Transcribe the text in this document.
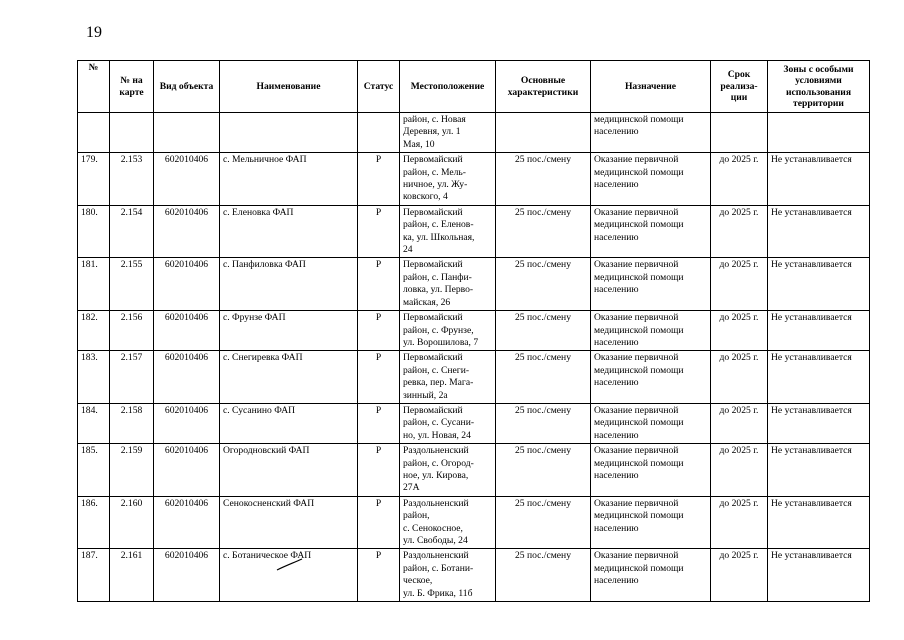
19
№	№ на карте	Вид объекта	Наименование	Статус	Местоположение	Основные характеристики	Назначение	Срок реализа-ции	Зоны с особыми условиями использования территории

					район, с. Новая
Деревня, ул. 1
Мая, 10		медицинской помощи
населению		

179.	2.153	602010406	с. Мельничное ФАП	Р	Первомайский
район, с. Мель-
ничное, ул. Жу-
ковского, 4	25 пос./смену	Оказание первичной
медицинской помощи
населению	до 2025 г.	Не устанавливается
180.	2.154	602010406	с. Еленовка ФАП	Р	Первомайский
район, с. Еленов-
ка, ул. Школьная,
24	25 пос./смену	Оказание первичной
медицинской помощи
населению	до 2025 г.	Не устанавливается
181.	2.155	602010406	с. Панфиловка ФАП	Р	Первомайский
район, с. Панфи-
ловка, ул. Перво-
майская, 26	25 пос./смену	Оказание первичной
медицинской помощи
населению	до 2025 г.	Не устанавливается
182.	2.156	602010406	с. Фрунзе ФАП	Р	Первомайский
район, с. Фрунзе,
ул. Ворошилова, 7	25 пос./смену	Оказание первичной
медицинской помощи
населению	до 2025 г.	Не устанавливается
183.	2.157	602010406	с. Снегиревка ФАП	Р	Первомайский
район, с. Снеги-
ревка, пер. Мага-
зинный, 2а	25 пос./смену	Оказание первичной
медицинской помощи
населению	до 2025 г.	Не устанавливается
184.	2.158	602010406	с. Сусанино ФАП	Р	Первомайский
район, с. Сусани-
но, ул. Новая, 24	25 пос./смену	Оказание первичной
медицинской помощи
населению	до 2025 г.	Не устанавливается
185.	2.159	602010406	Огороднoвский ФАП	Р	Раздольненский
район, с. Огород-
ное, ул. Кирова,
27А	25 пос./смену	Оказание первичной
медицинской помощи
населению	до 2025 г.	Не устанавливается
186.	2.160	602010406	Сенокосненский ФАП	Р	Раздольненский
район,
с. Сенокосное,
ул. Свободы, 24	25 пос./смену	Оказание первичной
медицинской помощи
населению	до 2025 г.	Не устанавливается
187.	2.161	602010406	с. Ботаническое ФАП	Р	Раздольненский
район, с. Ботани-
ческое,
ул. Б. Фрика, 11б	25 пос./смену	Оказание первичной
медицинской помощи
населению	до 2025 г.	Не устанавливается
